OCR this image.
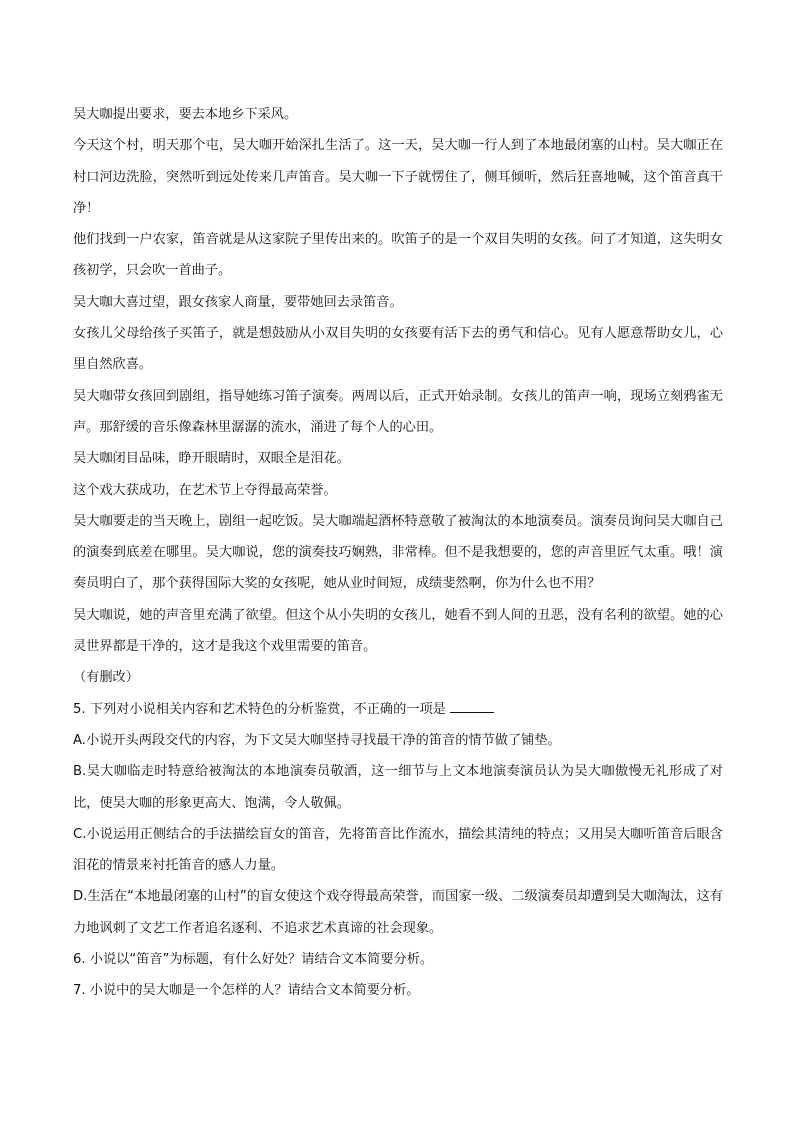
吴大咖提出要求，要去本地乡下采风。

今天这个村，明天那个屯，吴大咖开始深扎生活了。这一天，吴大咖一行人到了本地最闭塞的山村。吴大咖正在村口河边洗脸，突然听到远处传来几声笛音。吴大咖一下子就愣住了，侧耳倾听，然后狂喜地喊，这个笛音真干净！

他们找到一户农家，笛音就是从这家院子里传出来的。吹笛子的是一个双目失明的女孩。问了才知道，这失明女孩初学，只会吹一首曲子。

吴大咖大喜过望，跟女孩家人商量，要带她回去录笛音。

女孩儿父母给孩子买笛子，就是想鼓励从小双目失明的女孩要有活下去的勇气和信心。见有人愿意帮助女儿，心里自然欣喜。

吴大咖带女孩回到剧组，指导她练习笛子演奏。两周以后，正式开始录制。女孩儿的笛声一响，现场立刻鸦雀无声。那舒缓的音乐像森林里潺潺的流水，涌进了每个人的心田。

吴大咖闭目品味，睁开眼睛时，双眼全是泪花。

这个戏大获成功，在艺术节上夺得最高荣誉。

吴大咖要走的当天晚上，剧组一起吃饭。吴大咖端起酒杯特意敬了被淘汰的本地演奏员。演奏员询问吴大咖自己的演奏到底差在哪里。吴大咖说，您的演奏技巧娴熟，非常棒。但不是我想要的，您的声音里匠气太重。哦！演奏员明白了，那个获得国际大奖的女孩呢，她从业时间短，成绩斐然啊，你为什么也不用？

吴大咖说，她的声音里充满了欲望。但这个从小失明的女孩儿，她看不到人间的丑恶，没有名利的欲望。她的心灵世界都是干净的，这才是我这个戏里需要的笛音。

（有删改）

5. 下列对小说相关内容和艺术特色的分析鉴赏，不正确的一项是

A.小说开头两段交代的内容，为下文吴大咖坚持寻找最干净的笛音的情节做了铺垫。

B.吴大咖临走时特意给被淘汰的本地演奏员敬酒，这一细节与上文本地演奏演员认为吴大咖傲慢无礼形成了对比，使吴大咖的形象更高大、饱满，令人敬佩。

C.小说运用正侧结合的手法描绘盲女的笛音，先将笛音比作流水，描绘其清纯的特点；又用吴大咖听笛音后眼含泪花的情景来衬托笛音的感人力量。

D.生活在“本地最闭塞的山村”的盲女使这个戏夺得最高荣誉，而国家一级、二级演奏员却遭到吴大咖淘汰，这有力地讽刺了文艺工作者追名逐利、不追求艺术真谛的社会现象。

6. 小说以“笛音”为标题，有什么好处？请结合文本简要分析。

7. 小说中的吴大咖是一个怎样的人？请结合文本简要分析。
